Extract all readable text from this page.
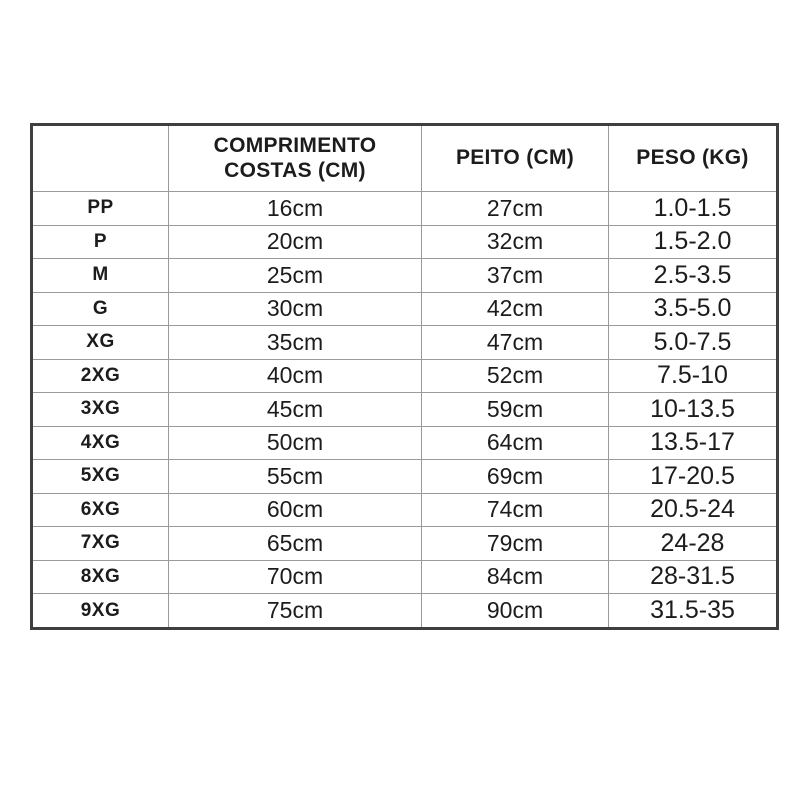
	COMPRIMENTO COSTAS (CM)	PEITO (CM)	PESO (KG)
PP	16cm	27cm	1.0-1.5
P	20cm	32cm	1.5-2.0
M	25cm	37cm	2.5-3.5
G	30cm	42cm	3.5-5.0
XG	35cm	47cm	5.0-7.5
2XG	40cm	52cm	7.5-10
3XG	45cm	59cm	10-13.5
4XG	50cm	64cm	13.5-17
5XG	55cm	69cm	17-20.5
6XG	60cm	74cm	20.5-24
7XG	65cm	79cm	24-28
8XG	70cm	84cm	28-31.5
9XG	75cm	90cm	31.5-35
